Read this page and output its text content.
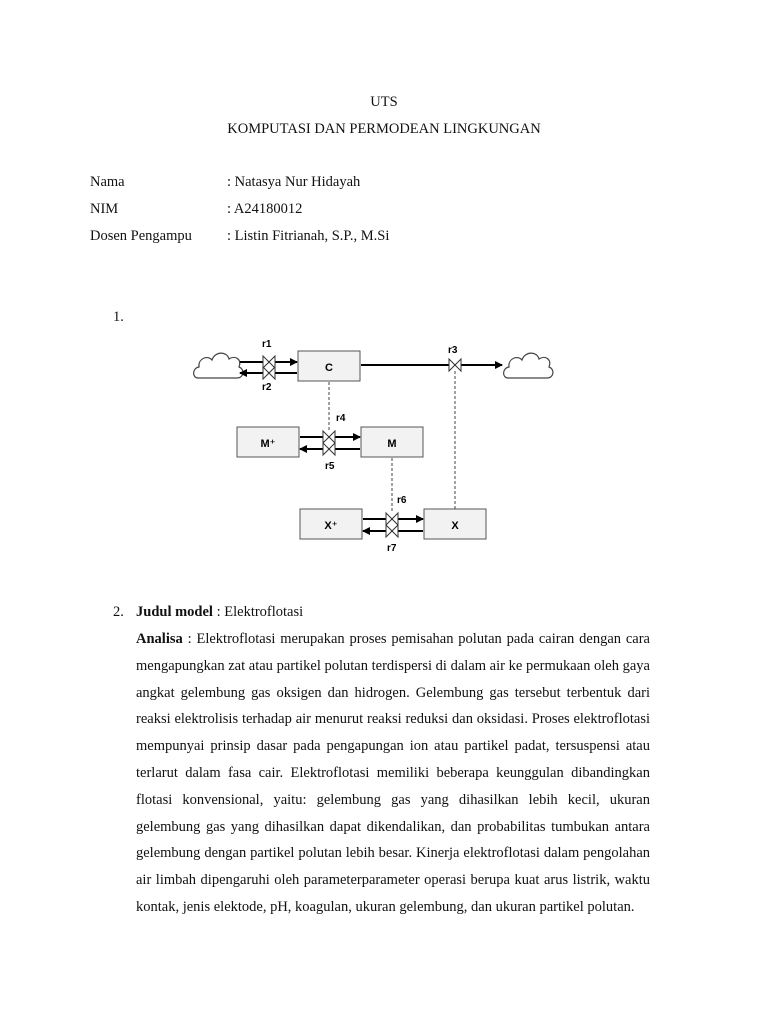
UTS
KOMPUTASI DAN PERMODEAN LINGKUNGAN
Nama	: Natasya Nur Hidayah
NIM	: A24180012
Dosen Pengampu : Listin Fitrianah, S.P., M.Si
1.
C
M⁺	M
X⁺	X
r1
r2
r3
r4
r5
r6
r7
2. Judul model : Elektroflotasi
Analisa : Elektroflotasi merupakan proses pemisahan polutan pada cairan dengan cara mengapungkan zat atau partikel polutan terdispersi di dalam air ke permukaan oleh gaya angkat gelembung gas oksigen dan hidrogen. Gelembung gas tersebut terbentuk dari reaksi elektrolisis terhadap air menurut reaksi reduksi dan oksidasi. Proses elektroflotasi mempunyai prinsip dasar pada pengapungan ion atau partikel padat, tersuspensi atau terlarut dalam fasa cair. Elektroflotasi memiliki beberapa keunggulan dibandingkan flotasi konvensional, yaitu: gelembung gas yang dihasilkan lebih kecil, ukuran gelembung gas yang dihasilkan dapat dikendalikan, dan probabilitas tumbukan antara gelembung dengan partikel polutan lebih besar. Kinerja elektroflotasi dalam pengolahan air limbah dipengaruhi oleh parameterparameter operasi berupa kuat arus listrik, waktu kontak, jenis elektode, pH, koagulan, ukuran gelembung, dan ukuran partikel polutan.
